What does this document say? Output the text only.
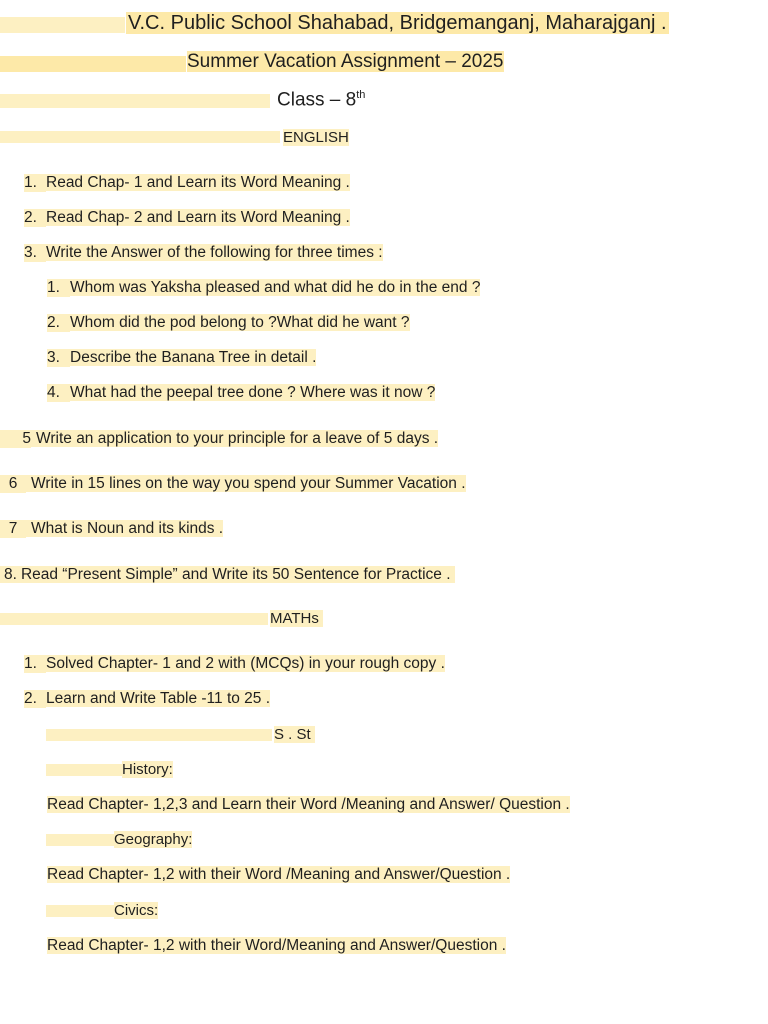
V.C. Public School Shahabad, Bridgemanganj, Maharajganj .
Summer Vacation Assignment – 2025
Class – 8th
ENGLISH
1. Read Chap- 1 and Learn its Word Meaning .
2. Read Chap- 2 and Learn its Word Meaning .
3. Write the Answer of the following for three times :
1. Whom was Yaksha pleased and what did he do in the end ?
2. Whom did the pod belong to ?What did he want ?
3. Describe the Banana Tree in detail .
4. What had the peepal tree done ? Where was it now ?
5 Write an application to your principle for a leave of 5 days .
6 Write in 15 lines on the way you spend your Summer Vacation .
7 What is Noun and its kinds .
8. Read “Present Simple” and Write its 50 Sentence for Practice .
MATHs
1. Solved Chapter- 1 and 2 with (MCQs) in your rough copy .
2. Learn and Write Table -11 to 25 .
S . St
History:
Read Chapter- 1,2,3 and Learn their Word /Meaning and Answer/ Question .
Geography:
Read Chapter- 1,2 with their Word /Meaning and Answer/Question .
Civics:
Read Chapter- 1,2 with their Word/Meaning and Answer/Question .
